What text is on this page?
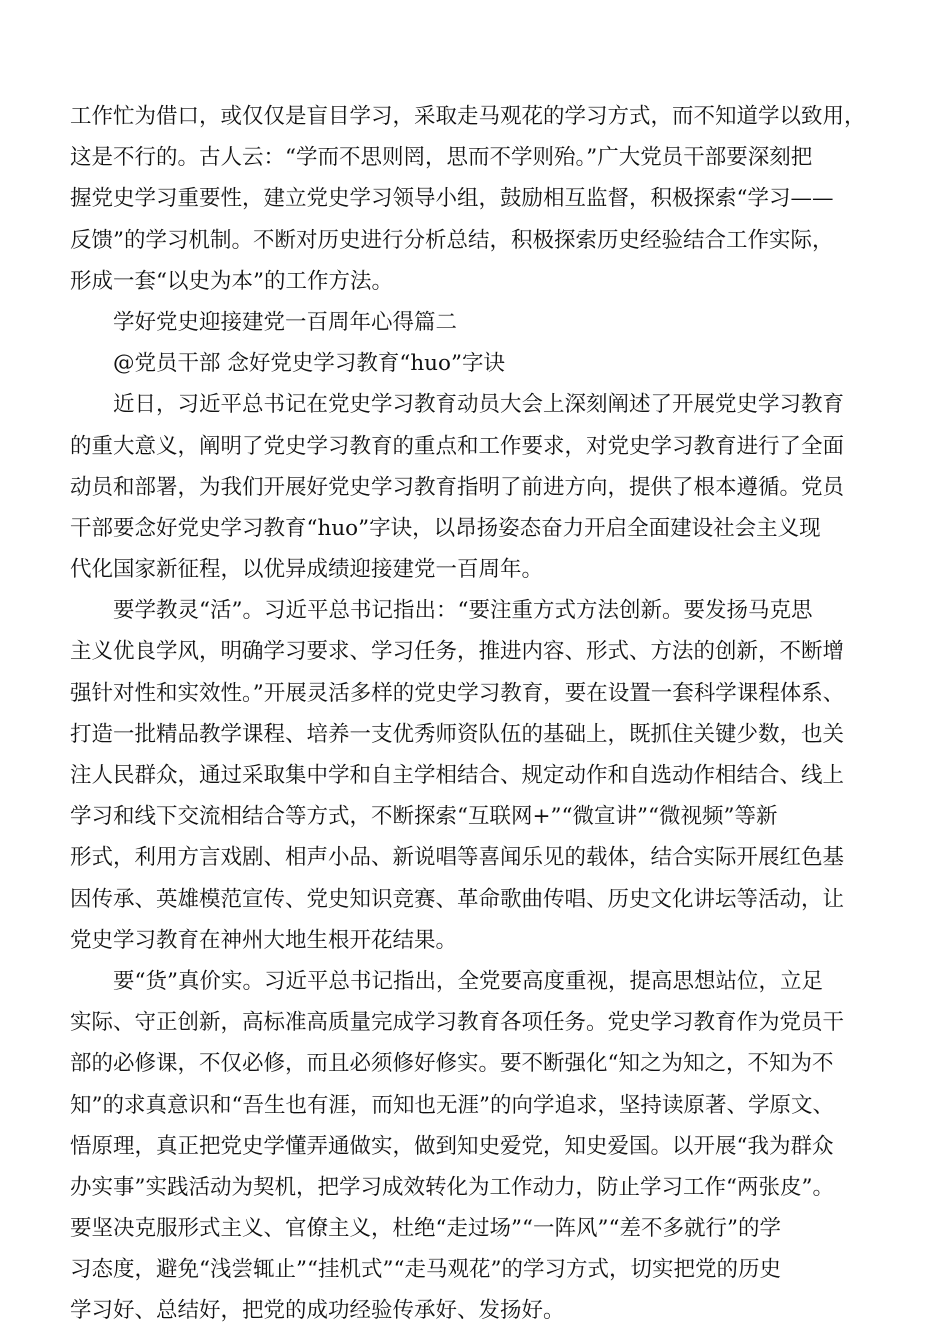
工作忙为借口，或仅仅是盲目学习，采取走马观花的学习方式，而不知道学以致用，
这是不行的。古人云：“学而不思则罔，思而不学则殆。”广大党员干部要深刻把
握党史学习重要性，建立党史学习领导小组，鼓励相互监督，积极探索“学习——
反馈”的学习机制。不断对历史进行分析总结，积极探索历史经验结合工作实际，
形成一套“以史为本”的工作方法。
学好党史迎接建党一百周年心得篇二
@党员干部 念好党史学习教育“huo”字诀
近日，习近平总书记在党史学习教育动员大会上深刻阐述了开展党史学习教育
的重大意义，阐明了党史学习教育的重点和工作要求，对党史学习教育进行了全面
动员和部署，为我们开展好党史学习教育指明了前进方向，提供了根本遵循。党员
干部要念好党史学习教育“huo”字诀，以昂扬姿态奋力开启全面建设社会主义现
代化国家新征程，以优异成绩迎接建党一百周年。
要学教灵“活”。习近平总书记指出：“要注重方式方法创新。要发扬马克思
主义优良学风，明确学习要求、学习任务，推进内容、形式、方法的创新，不断增
强针对性和实效性。”开展灵活多样的党史学习教育，要在设置一套科学课程体系、
打造一批精品教学课程、培养一支优秀师资队伍的基础上，既抓住关键少数，也关
注人民群众，通过采取集中学和自主学相结合、规定动作和自选动作相结合、线上
学习和线下交流相结合等方式，不断探索“互联网+”“微宣讲”“微视频”等新
形式，利用方言戏剧、相声小品、新说唱等喜闻乐见的载体，结合实际开展红色基
因传承、英雄模范宣传、党史知识竞赛、革命歌曲传唱、历史文化讲坛等活动，让
党史学习教育在神州大地生根开花结果。
要“货”真价实。习近平总书记指出，全党要高度重视，提高思想站位，立足
实际、守正创新，高标准高质量完成学习教育各项任务。党史学习教育作为党员干
部的必修课，不仅必修，而且必须修好修实。要不断强化“知之为知之，不知为不
知”的求真意识和“吾生也有涯，而知也无涯”的向学追求，坚持读原著、学原文、
悟原理，真正把党史学懂弄通做实，做到知史爱党，知史爱国。以开展“我为群众
办实事”实践活动为契机，把学习成效转化为工作动力，防止学习工作“两张皮”。
要坚决克服形式主义、官僚主义，杜绝“走过场”“一阵风”“差不多就行”的学
习态度，避免“浅尝辄止”“挂机式”“走马观花”的学习方式，切实把党的历史
学习好、总结好，把党的成功经验传承好、发扬好。
